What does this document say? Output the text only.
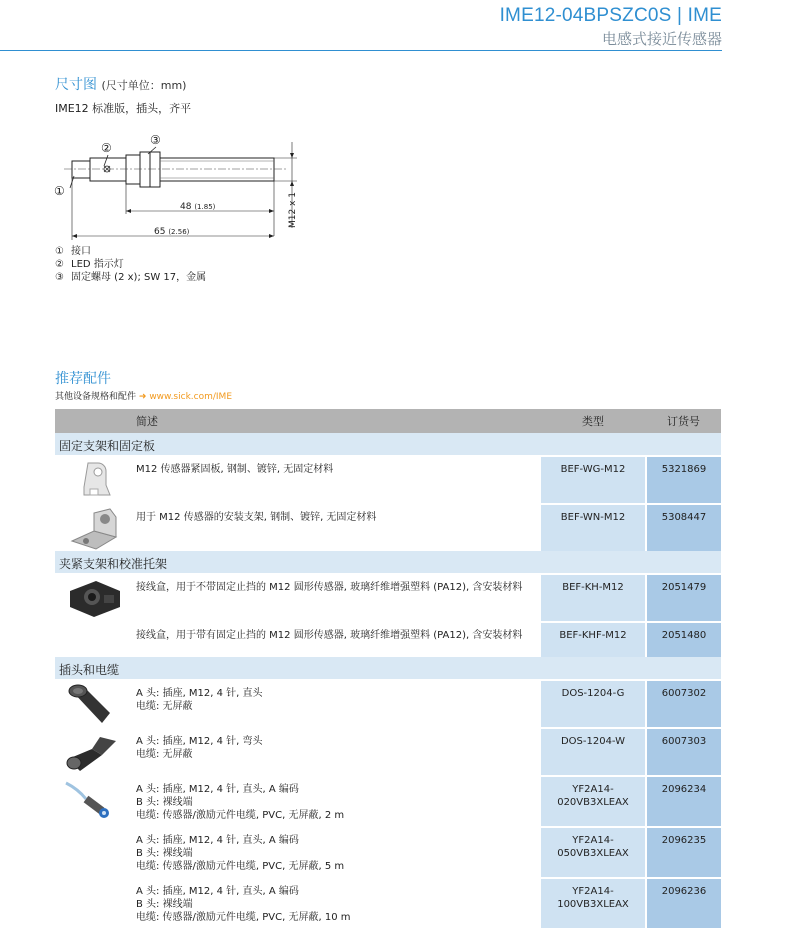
IME12-04BPSZC0S | IME
电感式接近传感器
尺寸图 (尺寸单位：mm)
IME12 标准版，插头，齐平
②
③
①
M12 x 1
48 (1.85)
65 (2.56)
① 接口
② LED 指示灯
③ 固定螺母 (2 x); SW 17，金属
推荐配件
其他设备规格和配件 ➜ www.sick.com/IME
	简述	类型	订货号
固定支架和固定板			

	M12 传感器紧固板, 钢制、镀锌, 无固定材料	BEF-WG-M12	5321869

	用于 M12 传感器的安装支架, 钢制、镀锌, 无固定材料	BEF-WN-M12	5308447
夹紧支架和校准托架			

	接线盒，用于不带固定止挡的 M12 圆形传感器, 玻璃纤维增强塑料 (PA12), 含安装材料	BEF-KH-M12	2051479
	接线盒，用于带有固定止挡的 M12 圆形传感器, 玻璃纤维增强塑料 (PA12), 含安装材料	BEF-KHF-M12	2051480
插头和电缆			

	A 头: 插座, M12, 4 针, 直头
电缆: 无屏蔽	DOS-1204-G	6007302

	A 头: 插座, M12, 4 针, 弯头
电缆: 无屏蔽	DOS-1204-W	6007303

	A 头: 插座, M12, 4 针, 直头, A 编码
B 头: 裸线端
电缆: 传感器/激励元件电缆, PVC, 无屏蔽, 2 m	YF2A14-
020VB3XLEAX	2096234
	A 头: 插座, M12, 4 针, 直头, A 编码
B 头: 裸线端
电缆: 传感器/激励元件电缆, PVC, 无屏蔽, 5 m	YF2A14-
050VB3XLEAX	2096235
	A 头: 插座, M12, 4 针, 直头, A 编码
B 头: 裸线端
电缆: 传感器/激励元件电缆, PVC, 无屏蔽, 10 m	YF2A14-
100VB3XLEAX	2096236
